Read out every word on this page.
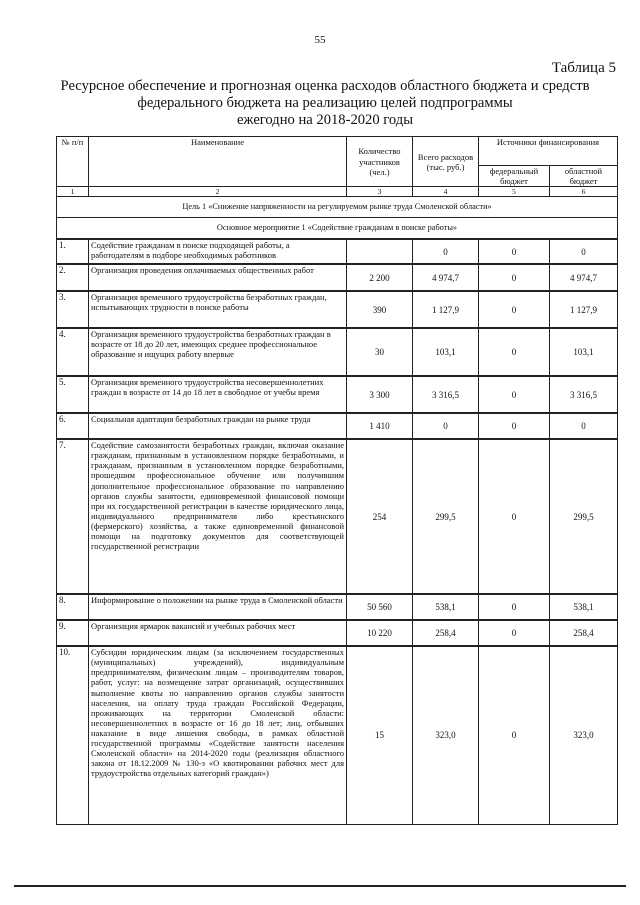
55
Таблица 5
Ресурсное обеспечение и прогнозная оценка расходов областного бюджета и средств
федерального бюджета на реализацию целей подпрограммы
ежегодно на 2018-2020 годы
№ п/п	Наименование	Количество участников (чел.)	Всего расходов (тыс. руб.)	Источники финансирования	
				федеральный бюджет	областной бюджет
1	2	3	4	5	6
Цель 1 «Снижение напряженности на регулируемом рынке труда Смоленской области»					
Основное мероприятие 1 «Содействие гражданам в поиске работы»					
1.	Содействие гражданам в поиске подходящей работы, а работодателям в подборе необходимых работников		0	0	0
2.	Организация проведения оплачиваемых общественных работ	2 200	4 974,7	0	4 974,7
3.	Организация временного трудоустройства безработных граждан, испытывающих трудности в поиске работы	390	1 127,9	0	1 127,9
4.	Организация временного трудоустройства безработных граждан в возрасте от 18 до 20 лет, имеющих среднее профессиональное образование и ищущих работу впервые	30	103,1	0	103,1
5.	Организация временного трудоустройства несовершеннолетних граждан в возрасте от 14 до 18 лет в свободное от учебы время	3 300	3 316,5	0	3 316,5
6.	Социальная адаптация безработных граждан на рынке труда	1 410	0	0	0
7.	Содействие самозанятости безработных граждан, включая оказание гражданам, признанным в установленном порядке безработными, и гражданам, признанным в установленном порядке безработными, прошедшим профессиональное обучение или получившим дополнительное профессиональное образование по направлению органов службы занятости, единовременной финансовой помощи при их государственной регистрации в качестве юридического лица, индивидуального предпринимателя либо крестьянского (фермерского) хозяйства, а также единовременной финансовой помощи на подготовку документов для соответствующей государственной регистрации	254	299,5	0	299,5
8.	Информирование о положении на рынке труда в Смоленской области	50 560	538,1	0	538,1
9.	Организация ярмарок вакансий и учебных рабочих мест	10 220	258,4	0	258,4
10.	Субсидии юридическим лицам (за исключением государственных (муниципальных) учреждений), индивидуальным предпринимателям, физическим лицам – производителям товаров, работ, услуг: на возмещение затрат организаций, осуществивших выполнение квоты по направлению органов службы занятости населения, на оплату труда граждан Российской Федерации, проживающих на территории Смоленской области: несовершеннолетних в возрасте от 16 до 18 лет; лиц, отбывших наказание в виде лишения свободы, в рамках областной государственной программы «Содействие занятости населения Смоленской области» на 2014-2020 годы (реализация областного закона от 18.12.2009 № 130-з «О квотировании рабочих мест для трудоустройства отдельных категорий граждан»)	15	323,0	0	323,0
